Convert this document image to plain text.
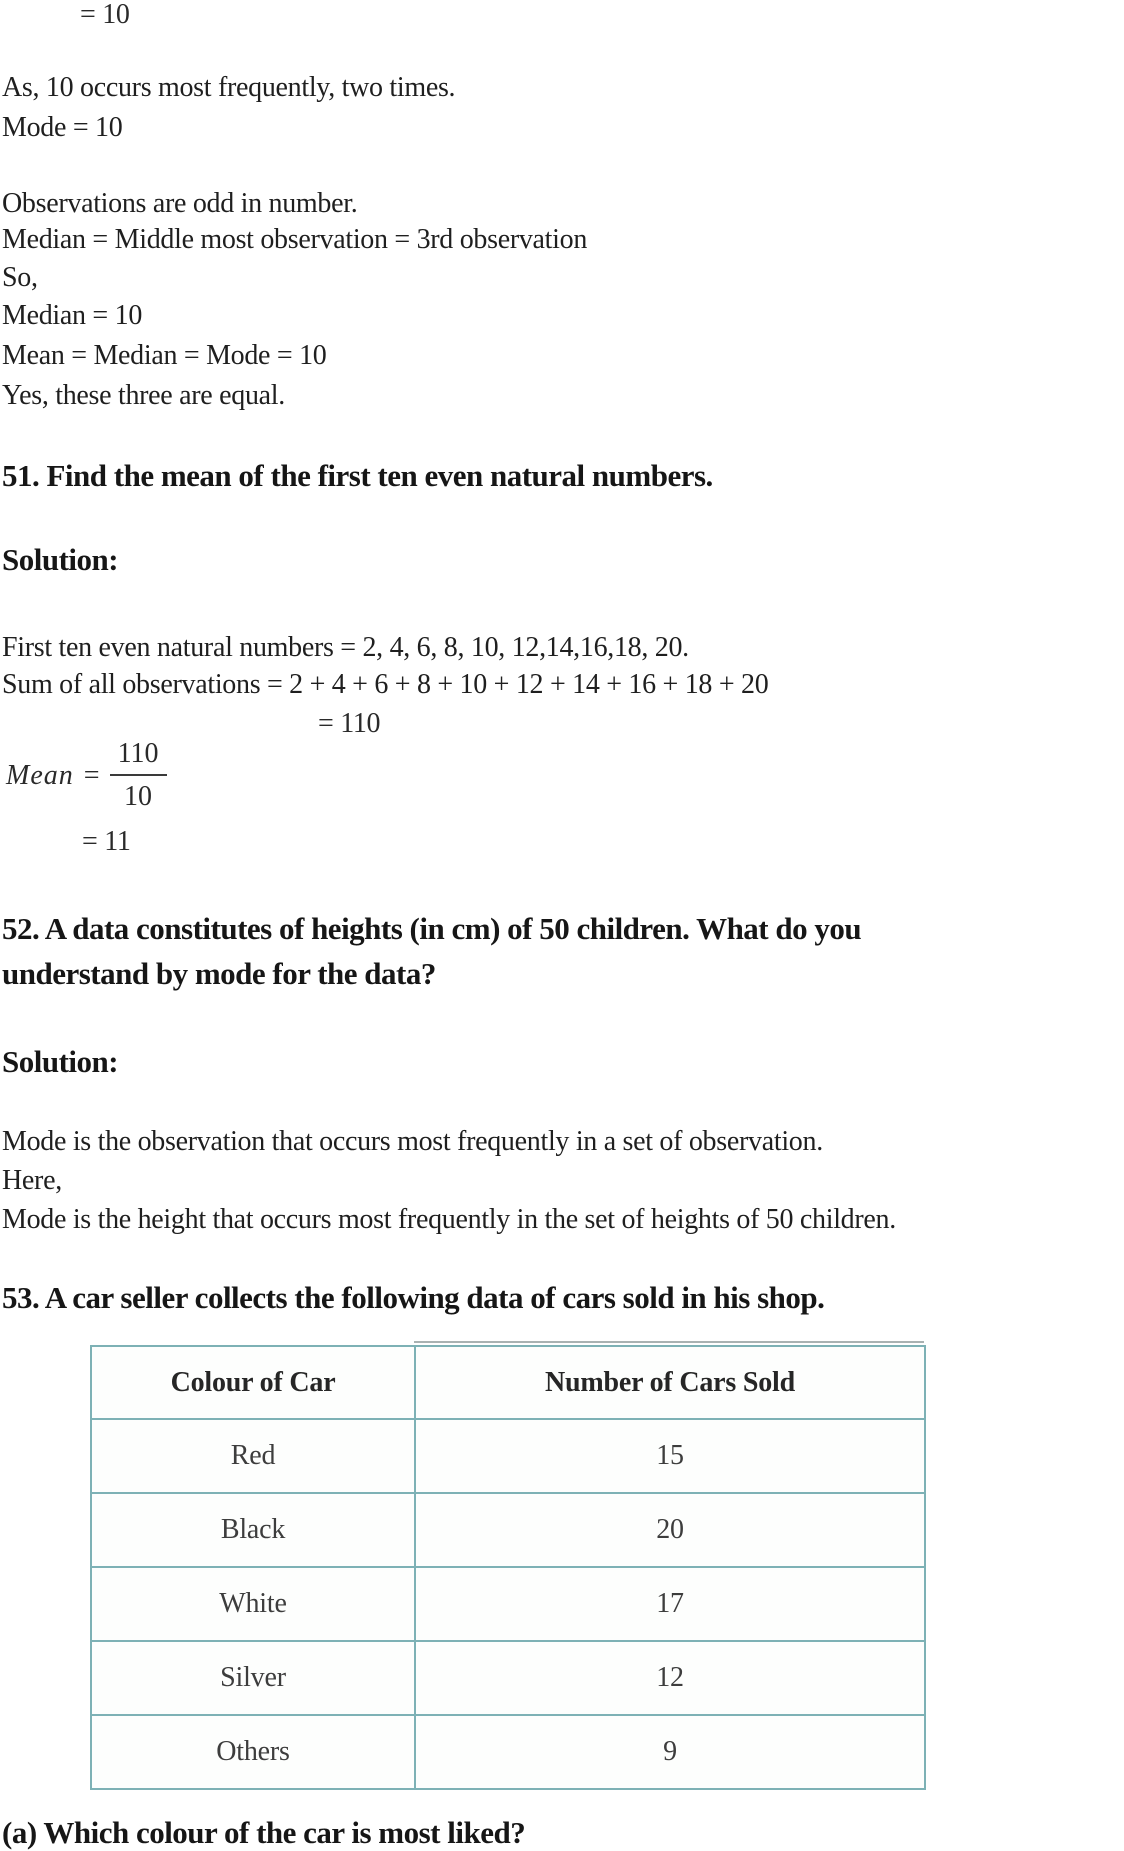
= 10
As, 10 occurs most frequently, two times.
Mode = 10
Observations are odd in number.
Median = Middle most observation = 3rd observation
So,
Median = 10
Mean = Median = Mode = 10
Yes, these three are equal.
51. Find the mean of the first ten even natural numbers.
Solution:
First ten even natural numbers = 2, 4, 6, 8, 10, 12,14,16,18, 20.
Sum of all observations = 2 + 4 + 6 + 8 + 10 + 12 + 14 + 16 + 18 + 20
= 110
Mean = $\frac{110}{10}$
= 11
52. A data constitutes of heights (in cm) of 50 children. What do you
understand by mode for the data?
Solution:
Mode is the observation that occurs most frequently in a set of observation.
Here,
Mode is the height that occurs most frequently in the set of heights of 50 children.
53. A car seller collects the following data of cars sold in his shop.
Colour of Car	Number of Cars Sold
Red	15
Black	20
White	17
Silver	12
Others	9
(a) Which colour of the car is most liked?
